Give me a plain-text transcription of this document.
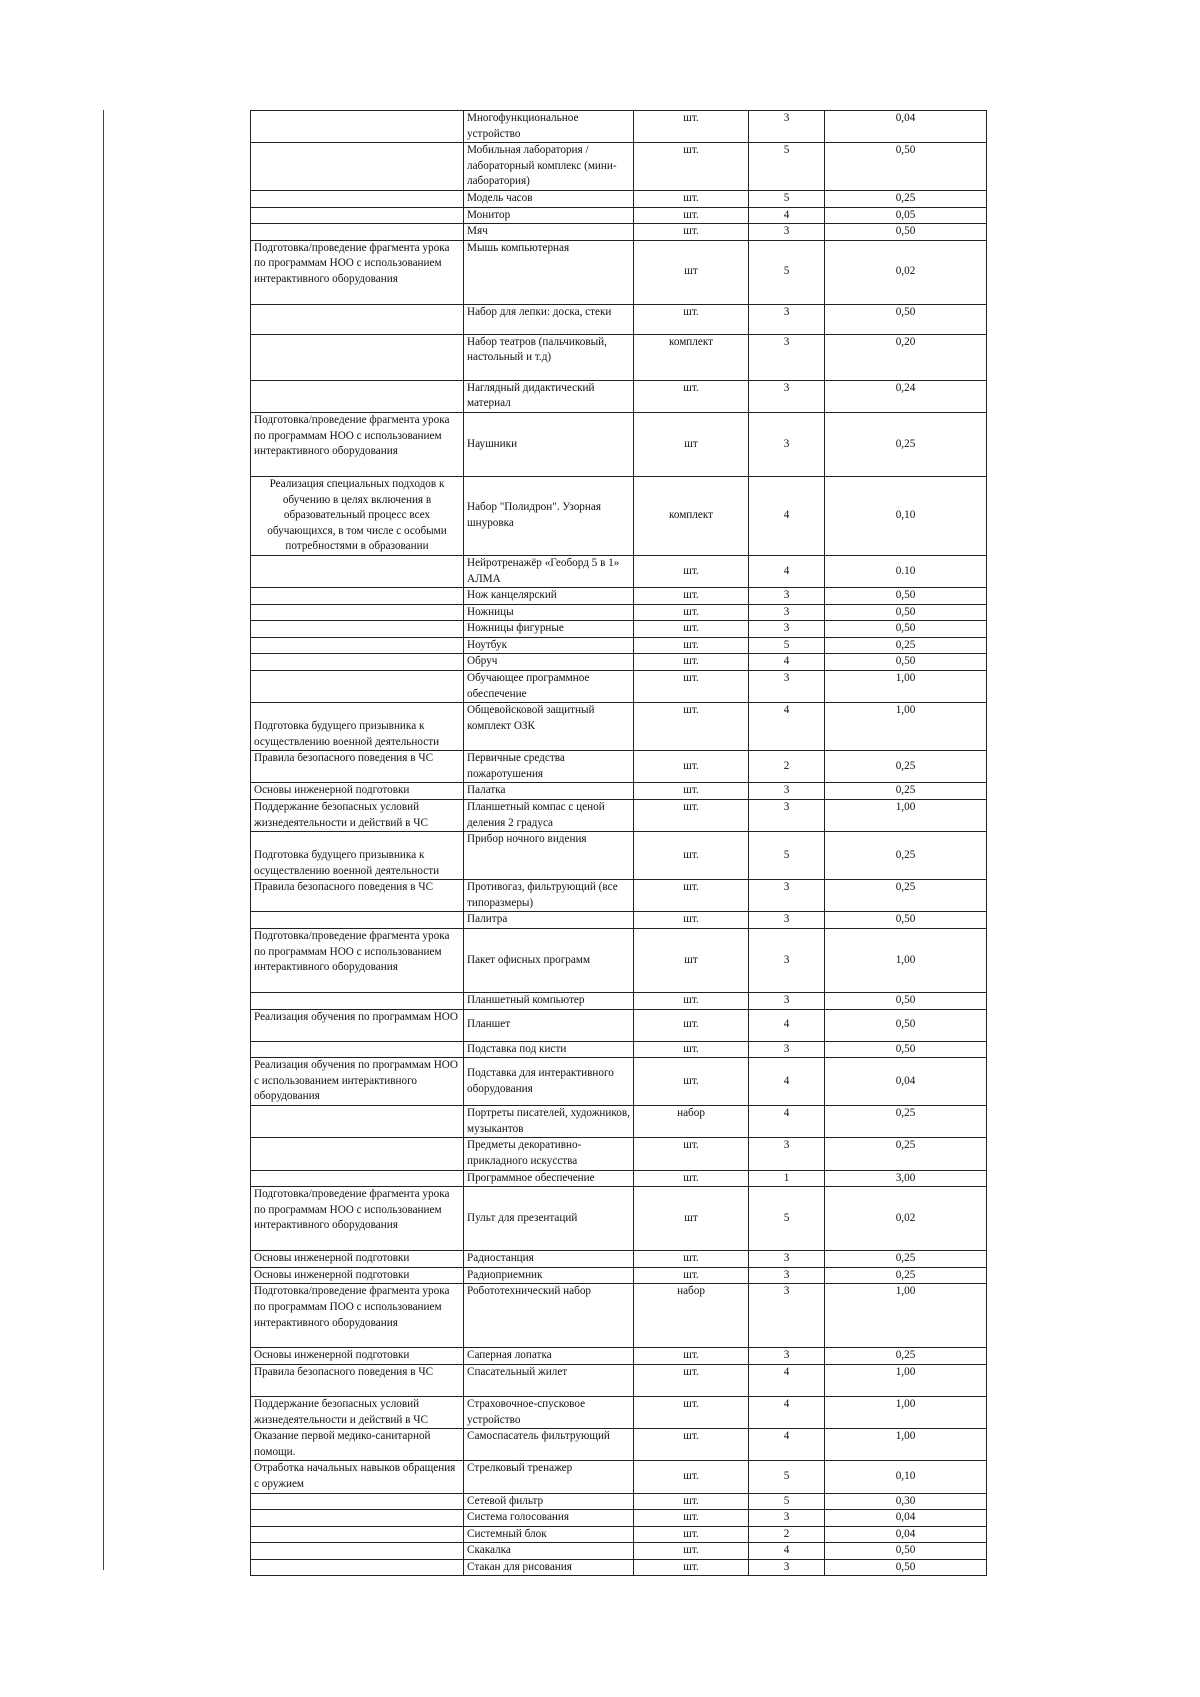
	Многофункциональное устройство	шт.	3	0,04
	Мобильная лаборатория / лабораторный комплекс (мини-лаборатория)	шт.	5	0,50
	Модель часов	шт.	5	0,25
	Монитор	шт.	4	0,05
	Мяч	шт.	3	0,50
Подготовка/проведение фрагмента урока по программам НОО с использованием интерактивного оборудования	Мышь компьютерная	шт	5	0,02
	Набор для лепки: доска, стеки	шт.	3	0,50
	Набор театров (пальчиковый, настольный и т.д)	комплект	3	0,20
	Наглядный дидактический материал	шт.	3	0,24
Подготовка/проведение фрагмента урока по программам НОО с использованием интерактивного оборудования	Наушники	шт	3	0,25
Реализация специальных подходов к обучению в целях включения в образовательный процесс всех обучающихся, в том числе с особыми потребностями в образовании	Набор "Полидрон". Узорная шнуровка	комплект	4	0,10
	Нейротренажёр «Геоборд 5 в 1» АЛМА	шт.	4	0.10
	Нож канцелярский	шт.	3	0,50
	Ножницы	шт.	3	0,50
	Ножницы фигурные	шт.	3	0,50
	Ноутбук	шт.	5	0,25
	Обруч	шт.	4	0,50
	Обучающее программное обеспечение	шт.	3	1,00
Подготовка будущего призывника к осуществлению военной деятельности	Общевойсковой защитный комплект ОЗК	шт.	4	1,00
Правила безопасного поведения в ЧС	Первичные средства пожаротушения	шт.	2	0,25
Основы инженерной подготовки	Палатка	шт.	3	0,25
Поддержание безопасных условий жизнедеятельности и действий в ЧС	Планшетный компас с ценой деления 2 градуса	шт.	3	1,00
Подготовка будущего призывника к осуществлению военной деятельности	Прибор ночного видения	шт.	5	0,25
Правила безопасного поведения в ЧС	Противогаз, фильтрующий (все типоразмеры)	шт.	3	0,25
	Палитра	шт.	3	0,50
Подготовка/проведение фрагмента урока по программам НОО с использованием интерактивного оборудования	Пакет офисных программ	шт	3	1,00
	Планшетный компьютер	шт.	3	0,50
Реализация обучения по программам НОО	Планшет	шт.	4	0,50
	Подставка под кисти	шт.	3	0,50
Реализация обучения по программам НОО с использованием интерактивного оборудования	Подставка для интерактивного оборудования	шт.	4	0,04
	Портреты писателей, художников, музыкантов	набор	4	0,25
	Предметы декоративно-прикладного искусства	шт.	3	0,25
	Программное обеспечение	шт.	1	3,00
Подготовка/проведение фрагмента урока по программам НОО с использованием интерактивного оборудования	Пульт для презентаций	шт	5	0,02
Основы инженерной подготовки	Радиостанция	шт.	3	0,25
Основы инженерной подготовки	Радиоприемник	шт.	3	0,25
Подготовка/проведение фрагмента урока по программам ПОО с использованием интерактивного оборудования	Робототехнический набор	набор	3	1,00
Основы инженерной подготовки	Саперная лопатка	шт.	3	0,25
Правила безопасного поведения в ЧС	Спасательный жилет	шт.	4	1,00
Поддержание безопасных условий жизнедеятельности и действий в ЧС	Страховочное-спусковое устройство	шт.	4	1,00
Оказание первой медико-санитарной помощи.	Самоспасатель фильтрующий	шт.	4	1,00
Отработка начальных навыков обращения с оружием	Стрелковый тренажер	шт.	5	0,10
	Сетевой фильтр	шт.	5	0,30
	Система голосования	шт.	3	0,04
	Системный блок	шт.	2	0,04
	Скакалка	шт.	4	0,50
	Стакан для рисования	шт.	3	0,50
